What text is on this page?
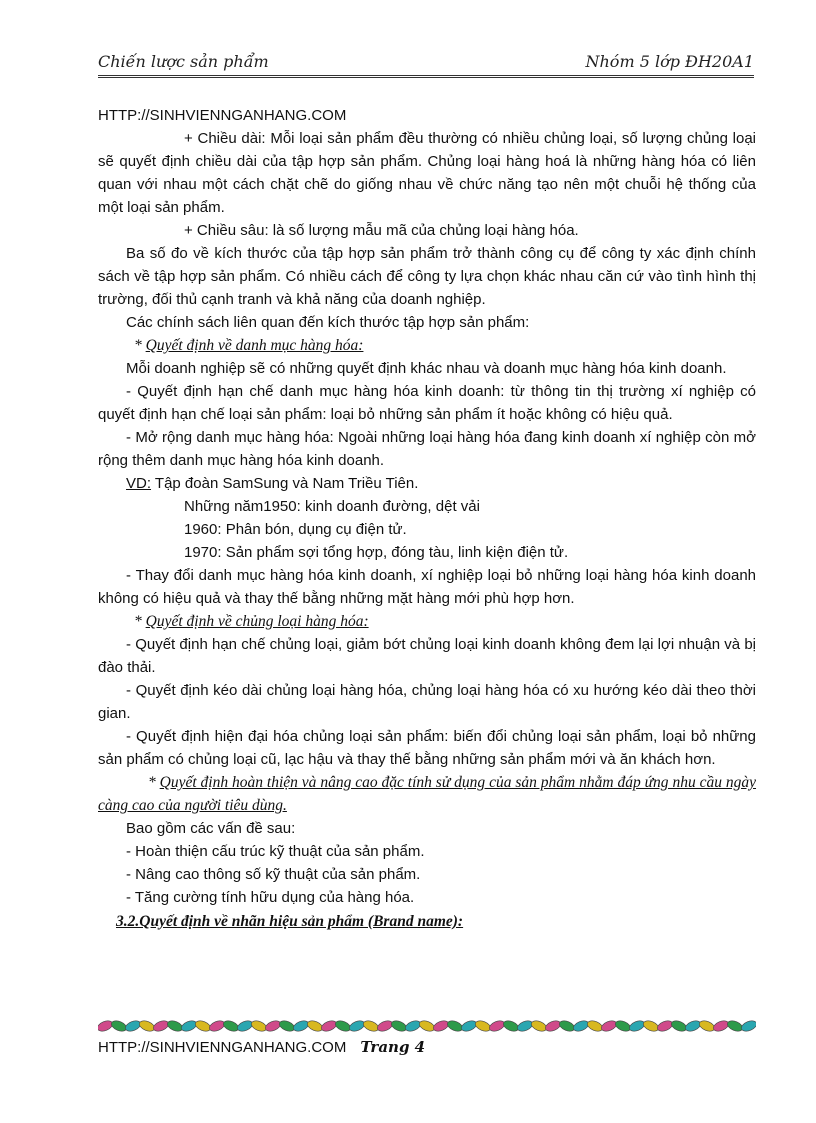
Chiến lược sản phẩm	Nhóm 5 lớp ĐH20A1

HTTP://SINHVIENNGANHANG.COM

+ Chiều dài: Mỗi loại sản phẩm đều thường có nhiều chủng loại, số lượng chủng loại sẽ quyết định chiều dài của tập hợp sản phẩm. Chủng loại hàng hoá là những hàng hóa có liên quan với nhau một cách chặt chẽ do giống nhau về chức năng tạo nên một chuỗi hệ thống của một loại sản phẩm.

+ Chiều sâu: là số lượng mẫu mã của chủng loại hàng hóa.

Ba số đo về kích thước của tập hợp sản phẩm trở thành công cụ để công ty xác định chính sách về tập hợp sản phẩm. Có nhiều cách để công ty lựa chọn khác nhau căn cứ vào tình hình thị trường, đối thủ cạnh tranh và khả năng của doanh nghiệp.

Các chính sách liên quan đến kích thước tập hợp sản phẩm:

* Quyết định về danh mục hàng hóa:

Mỗi doanh nghiệp sẽ có những quyết định khác nhau và doanh mục hàng hóa kinh doanh.

- Quyết định hạn chế danh mục hàng hóa kinh doanh: từ thông tin thị trường xí nghiệp có quyết định hạn chế loại sản phẩm: loại bỏ những sản phẩm ít hoặc không có hiệu quả.

- Mở rộng danh mục hàng hóa: Ngoài những loại hàng hóa đang kinh doanh xí nghiệp còn mở rộng thêm danh mục hàng hóa kinh doanh.

VD: Tập đoàn SamSung và Nam Triều Tiên.

Những năm1950: kinh doanh đường, dệt vải

1960: Phân bón, dụng cụ điện tử.

1970: Sản phẩm sợi tổng hợp, đóng tàu, linh kiện điện tử.

- Thay đổi danh mục hàng hóa kinh doanh, xí nghiệp loại bỏ những loại hàng hóa kinh doanh không có hiệu quả và thay thế bằng những mặt hàng mới phù hợp hơn.

* Quyết định về chủng loại hàng hóa:

- Quyết định hạn chế chủng loại, giảm bớt chủng loại kinh doanh không đem lại lợi nhuận và bị đào thải.

- Quyết định kéo dài chủng loại hàng hóa, chủng loại hàng hóa có xu hướng kéo dài theo thời gian.

- Quyết định hiện đại hóa chủng loại sản phẩm: biến đổi chủng loại sản phẩm, loại bỏ những sản phẩm có chủng loại cũ, lạc hậu và thay thế bằng những sản phẩm mới và ăn khách hơn.

* Quyết định hoàn thiện và nâng cao đặc tính sử dụng của sản phẩm nhằm đáp ứng nhu cầu ngày càng cao của người tiêu dùng.

Bao gồm các vấn đề sau:

- Hoàn thiện cấu trúc kỹ thuật của sản phẩm.

- Nâng cao thông số kỹ thuật của sản phẩm.

- Tăng cường tính hữu dụng của hàng hóa.

3.2.Quyết định về nhãn hiệu sản phẩm (Brand name):

HTTP://SINHVIENNGANHANG.COM Trang 4
